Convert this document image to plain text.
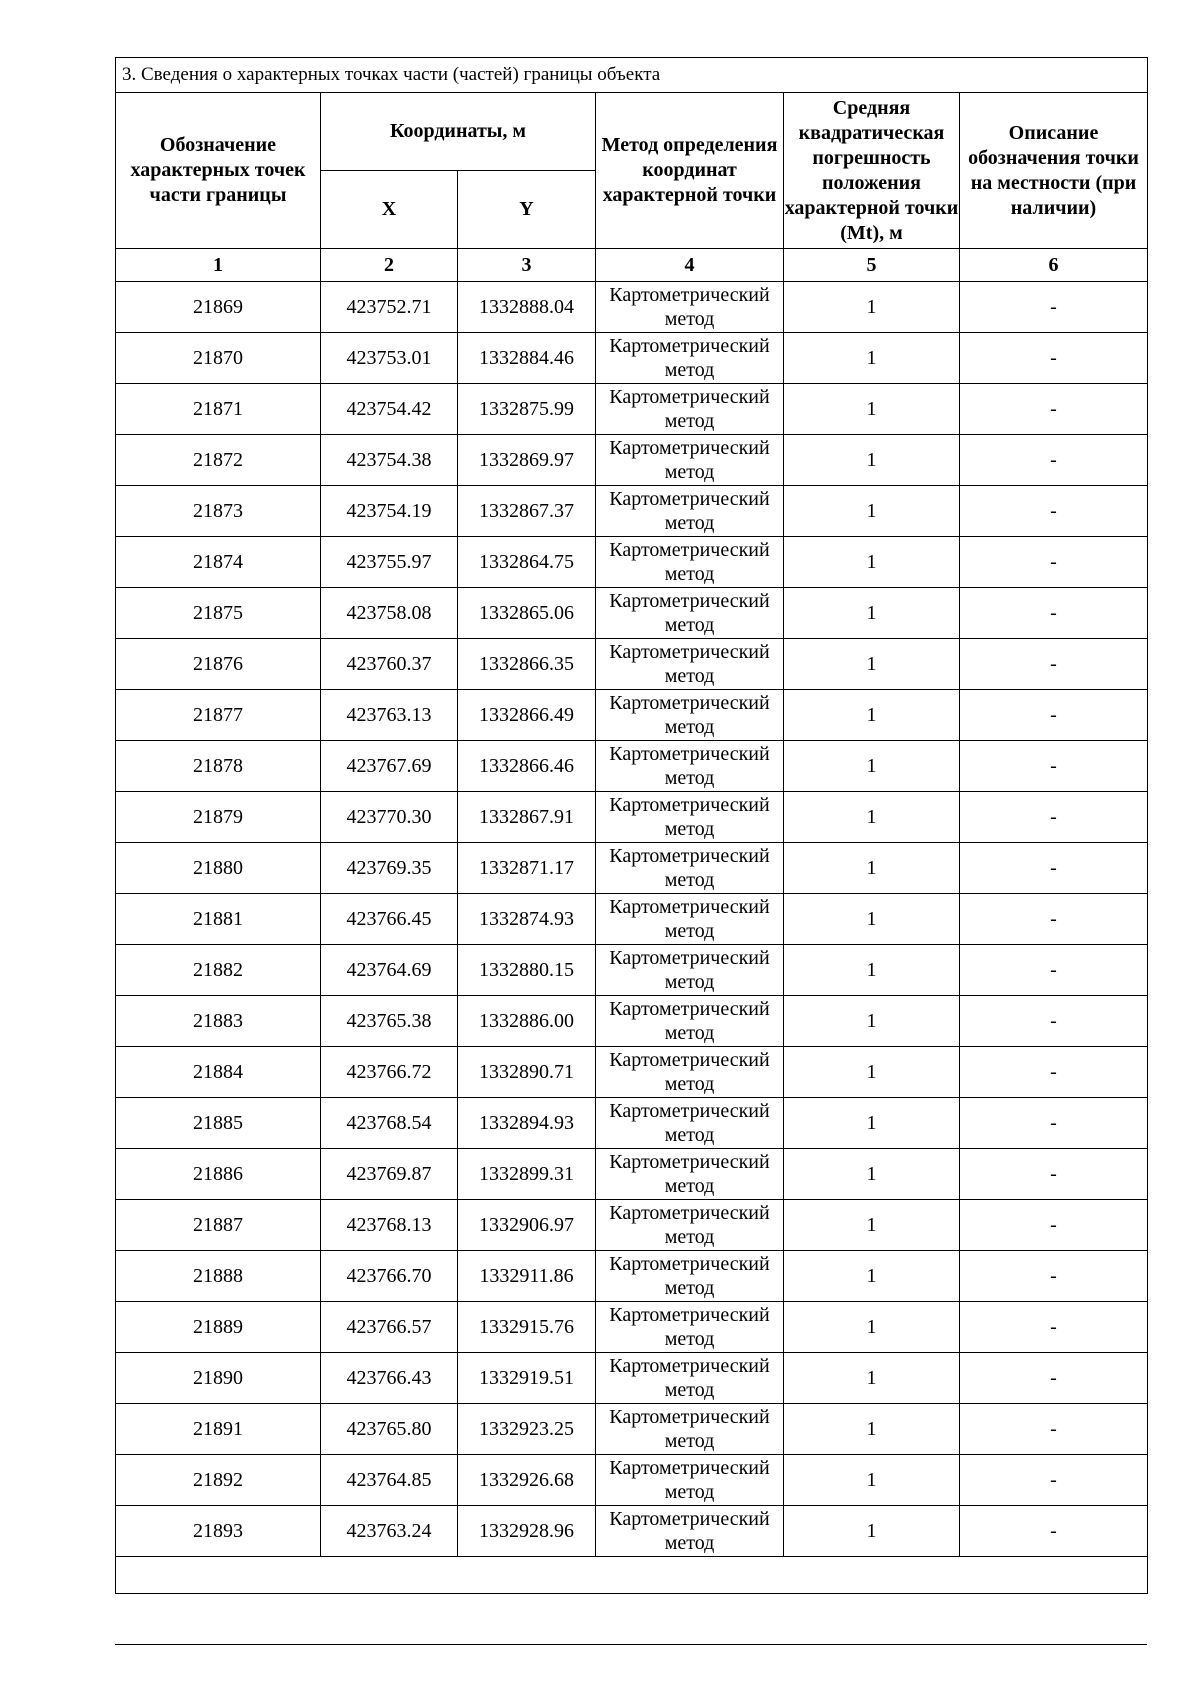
3. Сведения о характерных точках части (частей) границы объекта					
Обозначение характерных точек части границы	Координаты, м		Метод определения координат характерной точки	Средняя квадратическая погрешность положения характерной точки (Mt), м	Описание обозначения точки на местности (при наличии)
	X	Y			
1	2	3	4	5	6
21869	423752.71	1332888.04	Картометрический метод	1	-
21870	423753.01	1332884.46	Картометрический метод	1	-
21871	423754.42	1332875.99	Картометрический метод	1	-
21872	423754.38	1332869.97	Картометрический метод	1	-
21873	423754.19	1332867.37	Картометрический метод	1	-
21874	423755.97	1332864.75	Картометрический метод	1	-
21875	423758.08	1332865.06	Картометрический метод	1	-
21876	423760.37	1332866.35	Картометрический метод	1	-
21877	423763.13	1332866.49	Картометрический метод	1	-
21878	423767.69	1332866.46	Картометрический метод	1	-
21879	423770.30	1332867.91	Картометрический метод	1	-
21880	423769.35	1332871.17	Картометрический метод	1	-
21881	423766.45	1332874.93	Картометрический метод	1	-
21882	423764.69	1332880.15	Картометрический метод	1	-
21883	423765.38	1332886.00	Картометрический метод	1	-
21884	423766.72	1332890.71	Картометрический метод	1	-
21885	423768.54	1332894.93	Картометрический метод	1	-
21886	423769.87	1332899.31	Картометрический метод	1	-
21887	423768.13	1332906.97	Картометрический метод	1	-
21888	423766.70	1332911.86	Картометрический метод	1	-
21889	423766.57	1332915.76	Картометрический метод	1	-
21890	423766.43	1332919.51	Картометрический метод	1	-
21891	423765.80	1332923.25	Картометрический метод	1	-
21892	423764.85	1332926.68	Картометрический метод	1	-
21893	423763.24	1332928.96	Картометрический метод	1	-
